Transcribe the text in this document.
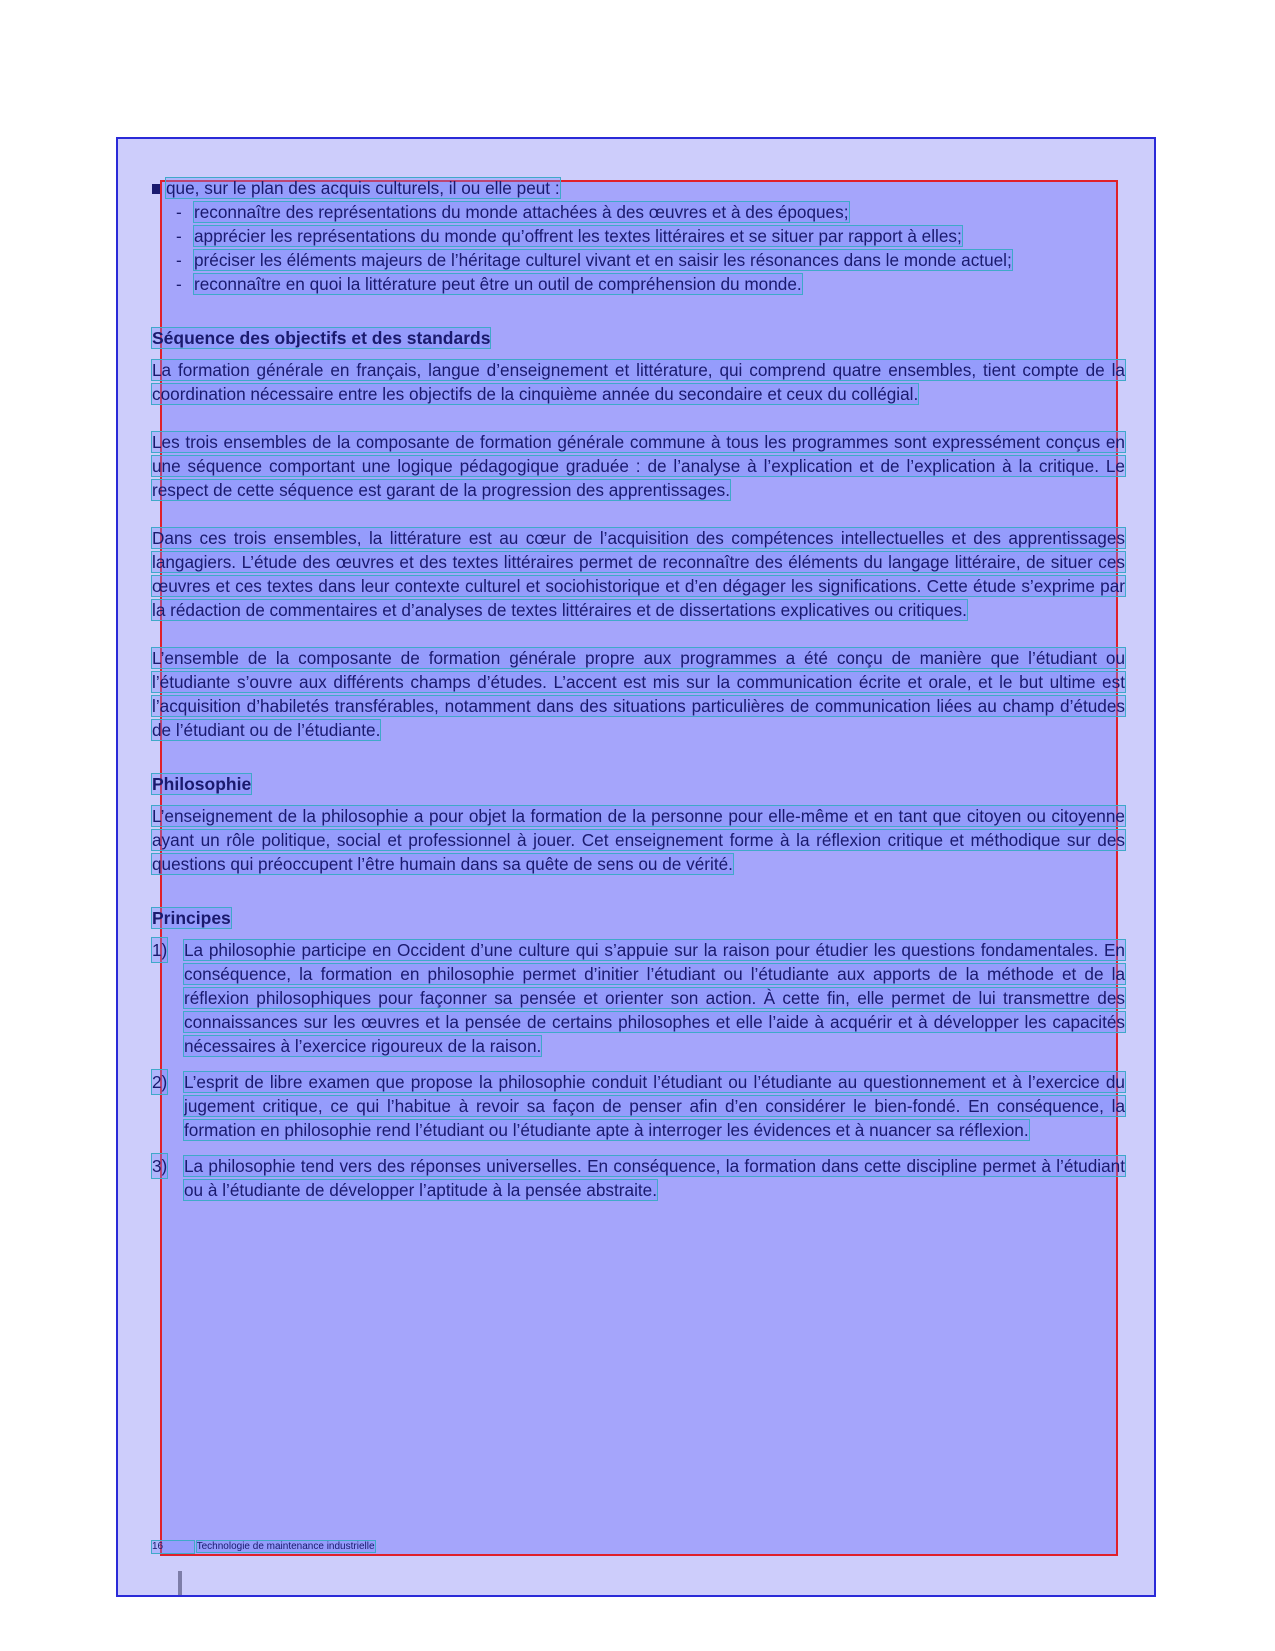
que, sur le plan des acquis culturels, il ou elle peut :

- reconnaître des représentations du monde attachées à des œuvres et à des époques;
- apprécier les représentations du monde qu’offrent les textes littéraires et se situer par rapport à elles;
- préciser les éléments majeurs de l’héritage culturel vivant et en saisir les résonances dans le monde actuel;
- reconnaître en quoi la littérature peut être un outil de compréhension du monde.
Séquence des objectifs et des standards

La formation générale en français, langue d’enseignement et littérature, qui comprend quatre ensembles, tient compte de la coordination nécessaire entre les objectifs de la cinquième année du secondaire et ceux du collégial.

Les trois ensembles de la composante de formation générale commune à tous les programmes sont expressément conçus en une séquence comportant une logique pédagogique graduée : de l’analyse à l’explication et de l’explication à la critique. Le respect de cette séquence est garant de la progression des apprentissages.

Dans ces trois ensembles, la littérature est au cœur de l’acquisition des compétences intellectuelles et des apprentissages langagiers. L’étude des œuvres et des textes littéraires permet de reconnaître des éléments du langage littéraire, de situer ces œuvres et ces textes dans leur contexte culturel et sociohistorique et d’en dégager les significations. Cette étude s’exprime par la rédaction de commentaires et d’analyses de textes littéraires et de dissertations explicatives ou critiques.

L’ensemble de la composante de formation générale propre aux programmes a été conçu de manière que l’étudiant ou l’étudiante s’ouvre aux différents champs d’études. L’accent est mis sur la communication écrite et orale, et le but ultime est l’acquisition d’habiletés transférables, notamment dans des situations particulières de communication liées au champ d’études de l’étudiant ou de l’étudiante.

Philosophie

L’enseignement de la philosophie a pour objet la formation de la personne pour elle-même et en tant que citoyen ou citoyenne ayant un rôle politique, social et professionnel à jouer. Cet enseignement forme à la réflexion critique et méthodique sur des questions qui préoccupent l’être humain dans sa quête de sens ou de vérité.

Principes
1) La philosophie participe en Occident d’une culture qui s’appuie sur la raison pour étudier les questions fondamentales. En conséquence, la formation en philosophie permet d’initier l’étudiant ou l’étudiante aux apports de la méthode et de la réflexion philosophiques pour façonner sa pensée et orienter son action. À cette fin, elle permet de lui transmettre des connaissances sur les œuvres et la pensée de certains philosophes et elle l’aide à acquérir et à développer les capacités nécessaires à l’exercice rigoureux de la raison.
2) L’esprit de libre examen que propose la philosophie conduit l’étudiant ou l’étudiante au questionnement et à l’exercice du jugement critique, ce qui l’habitue à revoir sa façon de penser afin d’en considérer le bien-fondé. En conséquence, la formation en philosophie rend l’étudiant ou l’étudiante apte à interroger les évidences et à nuancer sa réflexion.
3) La philosophie tend vers des réponses universelles. En conséquence, la formation dans cette discipline permet à l’étudiant ou à l’étudiante de développer l’aptitude à la pensée abstraite.
16	Technologie de maintenance industrielle
